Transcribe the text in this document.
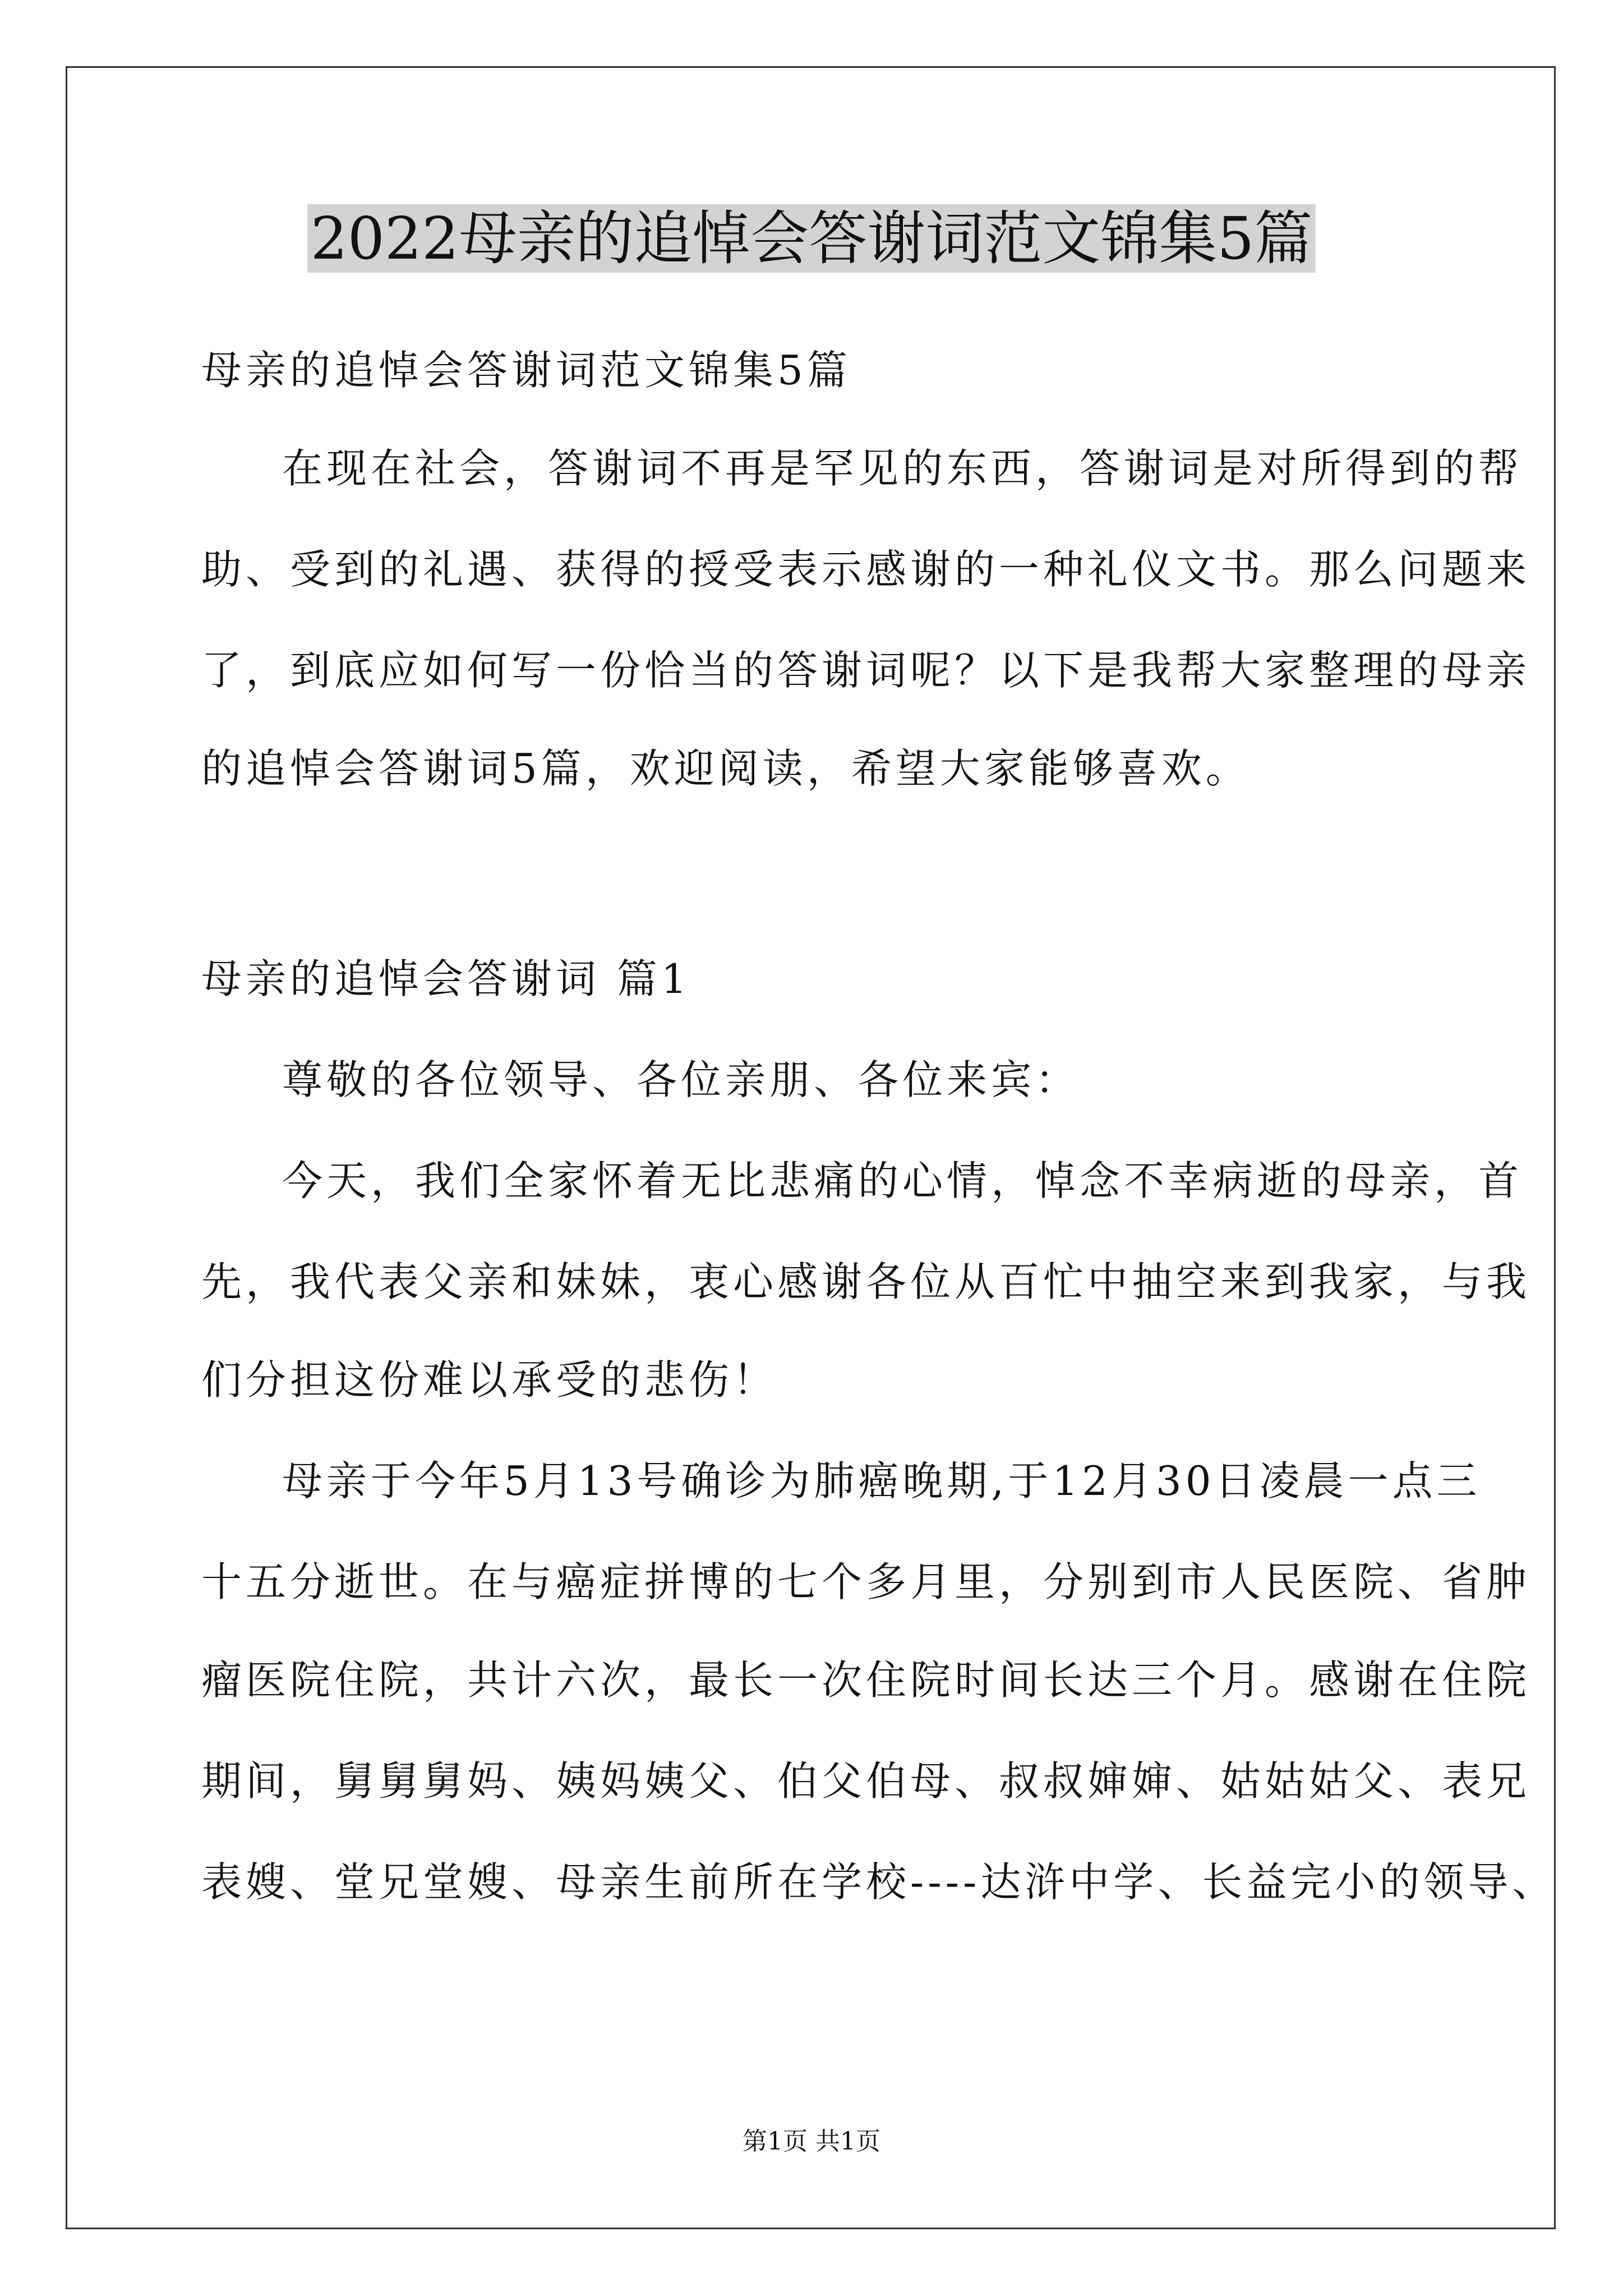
2022母亲的追悼会答谢词范文锦集5篇
母亲的追悼会答谢词范文锦集5篇
在现在社会，答谢词不再是罕见的东西，答谢词是对所得到的帮
助、受到的礼遇、获得的授受表示感谢的一种礼仪文书。那么问题来
了，到底应如何写一份恰当的答谢词呢？以下是我帮大家整理的母亲
的追悼会答谢词5篇，欢迎阅读，希望大家能够喜欢。
母亲的追悼会答谢词 篇1
尊敬的各位领导、各位亲朋、各位来宾：
今天，我们全家怀着无比悲痛的心情，悼念不幸病逝的母亲，首
先，我代表父亲和妹妹，衷心感谢各位从百忙中抽空来到我家，与我
们分担这份难以承受的悲伤！
母亲于今年5月13号确诊为肺癌晚期,于12月30日凌晨一点三
十五分逝世。在与癌症拼博的七个多月里，分别到市人民医院、省肿
瘤医院住院，共计六次，最长一次住院时间长达三个月。感谢在住院
期间，舅舅舅妈、姨妈姨父、伯父伯母、叔叔婶婶、姑姑姑父、表兄
表嫂、堂兄堂嫂、母亲生前所在学校----达浒中学、长益完小的领导、
第1页 共1页
